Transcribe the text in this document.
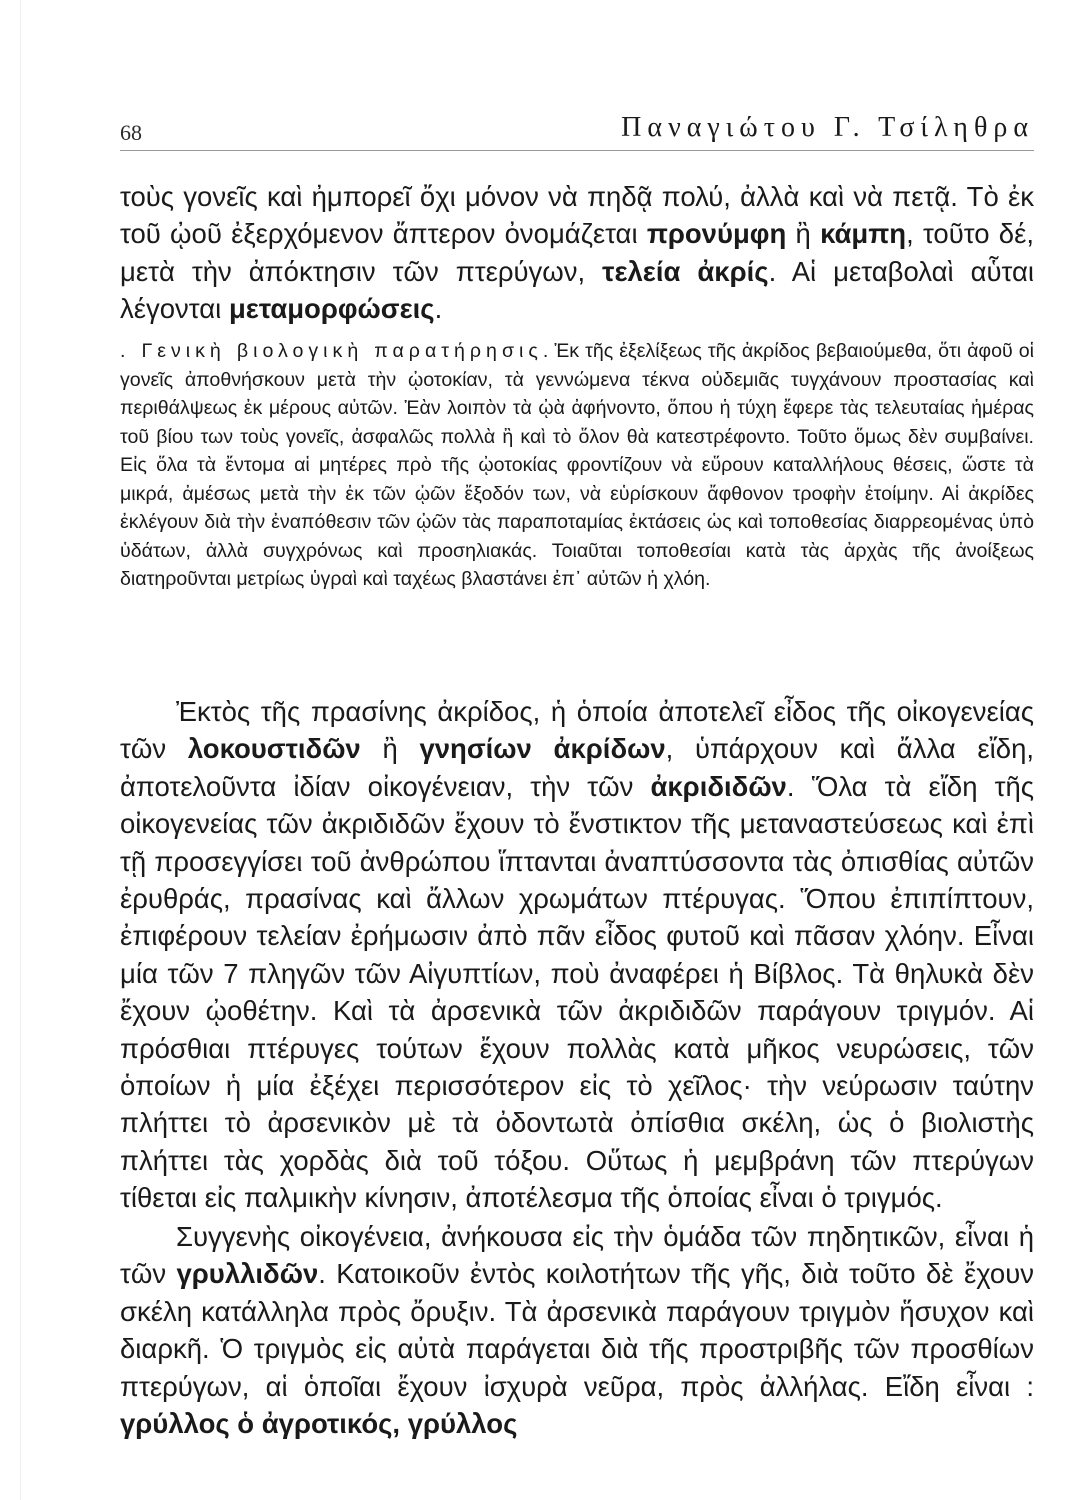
68	Παναγιώτου Γ. Τσίληθρα

τοὺς γονεῖς καὶ ἠμπορεῖ ὄχι μόνον νὰ πηδᾷ πολύ, ἀλλὰ καὶ νὰ πετᾷ. Τὸ ἐκ τοῦ ᾠοῦ ἐξερχόμενον ἄπτερον ὀνομάζεται προνύμφη ἢ κάμπη, τοῦτο δέ, μετὰ τὴν ἀπόκτησιν τῶν πτερύγων, τελεία ἀκρίς. Αἱ μεταβολαὶ αὗται λέγονται μεταμορφώσεις.

. Γενικὴ βιολογικὴ παρατήρησις. Ἐκ τῆς ἐξελίξεως τῆς ἀκρίδος βεβαιούμεθα, ὅτι ἀφοῦ οἱ γονεῖς ἀποθνήσκουν μετὰ τὴν ᾠοτοκίαν, τὰ γεννώμενα τέκνα οὐδεμιᾶς τυγχάνουν προστασίας καὶ περιθάλψεως ἐκ μέρους αὐτῶν. Ἐὰν λοιπὸν τὰ ᾠὰ ἀφήνοντο, ὅπου ἡ τύχη ἔφερε τὰς τελευταίας ἡμέρας τοῦ βίου των τοὺς γονεῖς, ἀσφαλῶς πολλὰ ἢ καὶ τὸ ὅλον θὰ κατεστρέφοντο. Τοῦτο ὅμως δὲν συμβαίνει. Εἰς ὅλα τὰ ἔντομα αἱ μητέρες πρὸ τῆς ᾠοτοκίας φροντίζουν νὰ εὕρουν καταλλήλους θέσεις, ὥστε τὰ μικρά, ἀμέσως μετὰ τὴν ἐκ τῶν ᾠῶν ἔξοδόν των, νὰ εὑρίσκουν ἄφθονον τροφὴν ἑτοίμην. Αἱ ἀκρίδες ἐκλέγουν διὰ τὴν ἐναπόθεσιν τῶν ᾠῶν τὰς παραποταμίας ἐκτάσεις ὡς καὶ τοποθεσίας διαρρεομένας ὑπὸ ὑδάτων, ἀλλὰ συγχρόνως καὶ προσηλιακάς. Τοιαῦται τοποθεσίαι κατὰ τὰς ἀρχὰς τῆς ἀνοίξεως διατηροῦνται μετρίως ὑγραὶ καὶ ταχέως βλαστάνει ἐπ᾽ αὐτῶν ἡ χλόη.

Ἐκτὸς τῆς πρασίνης ἀκρίδος, ἡ ὁποία ἀποτελεῖ εἶδος τῆς οἰκογενείας τῶν λοκουστιδῶν ἢ γνησίων ἀκρίδων, ὑπάρχουν καὶ ἄλλα εἴδη, ἀποτελοῦντα ἰδίαν οἰκογένειαν, τὴν τῶν ἀκριδιδῶν. Ὅλα τὰ εἴδη τῆς οἰκογενείας τῶν ἀκριδιδῶν ἔχουν τὸ ἔνστικτον τῆς μεταναστεύσεως καὶ ἐπὶ τῇ προσεγγίσει τοῦ ἀνθρώπου ἵπτανται ἀναπτύσσοντα τὰς ὀπισθίας αὐτῶν ἐρυθράς, πρασίνας καὶ ἄλλων χρωμάτων πτέρυγας. Ὅπου ἐπιπίπτουν, ἐπιφέρουν τελείαν ἐρήμωσιν ἀπὸ πᾶν εἶδος φυτοῦ καὶ πᾶσαν χλόην. Εἶναι μία τῶν 7 πληγῶν τῶν Αἰγυπτίων, ποὺ ἀναφέρει ἡ Βίβλος. Τὰ θηλυκὰ δὲν ἔχουν ᾠοθέτην. Καὶ τὰ ἀρσενικὰ τῶν ἀκριδιδῶν παράγουν τριγμόν. Αἱ πρόσθιαι πτέρυγες τούτων ἔχουν πολλὰς κατὰ μῆκος νευρώσεις, τῶν ὁποίων ἡ μία ἐξέχει περισσότερον εἰς τὸ χεῖλος· τὴν νεύρωσιν ταύτην πλήττει τὸ ἀρσενικὸν μὲ τὰ ὀδοντωτὰ ὀπίσθια σκέλη, ὡς ὁ βιολιστὴς πλήττει τὰς χορδὰς διὰ τοῦ τόξου. Οὕτως ἡ μεμβράνη τῶν πτερύγων τίθεται εἰς παλμικὴν κίνησιν, ἀποτέλεσμα τῆς ὁποίας εἶναι ὁ τριγμός.

Συγγενὴς οἰκογένεια, ἀνήκουσα εἰς τὴν ὁμάδα τῶν πηδητικῶν, εἶναι ἡ τῶν γρυλλιδῶν. Κατοικοῦν ἐντὸς κοιλοτήτων τῆς γῆς, διὰ τοῦτο δὲ ἔχουν σκέλη κατάλληλα πρὸς ὄρυξιν. Τὰ ἀρσενικὰ παράγουν τριγμὸν ἥσυχον καὶ διαρκῆ. Ὁ τριγμὸς εἰς αὐτὰ παράγεται διὰ τῆς προστριβῆς τῶν προσθίων πτερύγων, αἱ ὁποῖαι ἔχουν ἰσχυρὰ νεῦρα, πρὸς ἀλλήλας. Εἴδη εἶναι : γρύλλος ὁ ἀγροτικός, γρύλλος
